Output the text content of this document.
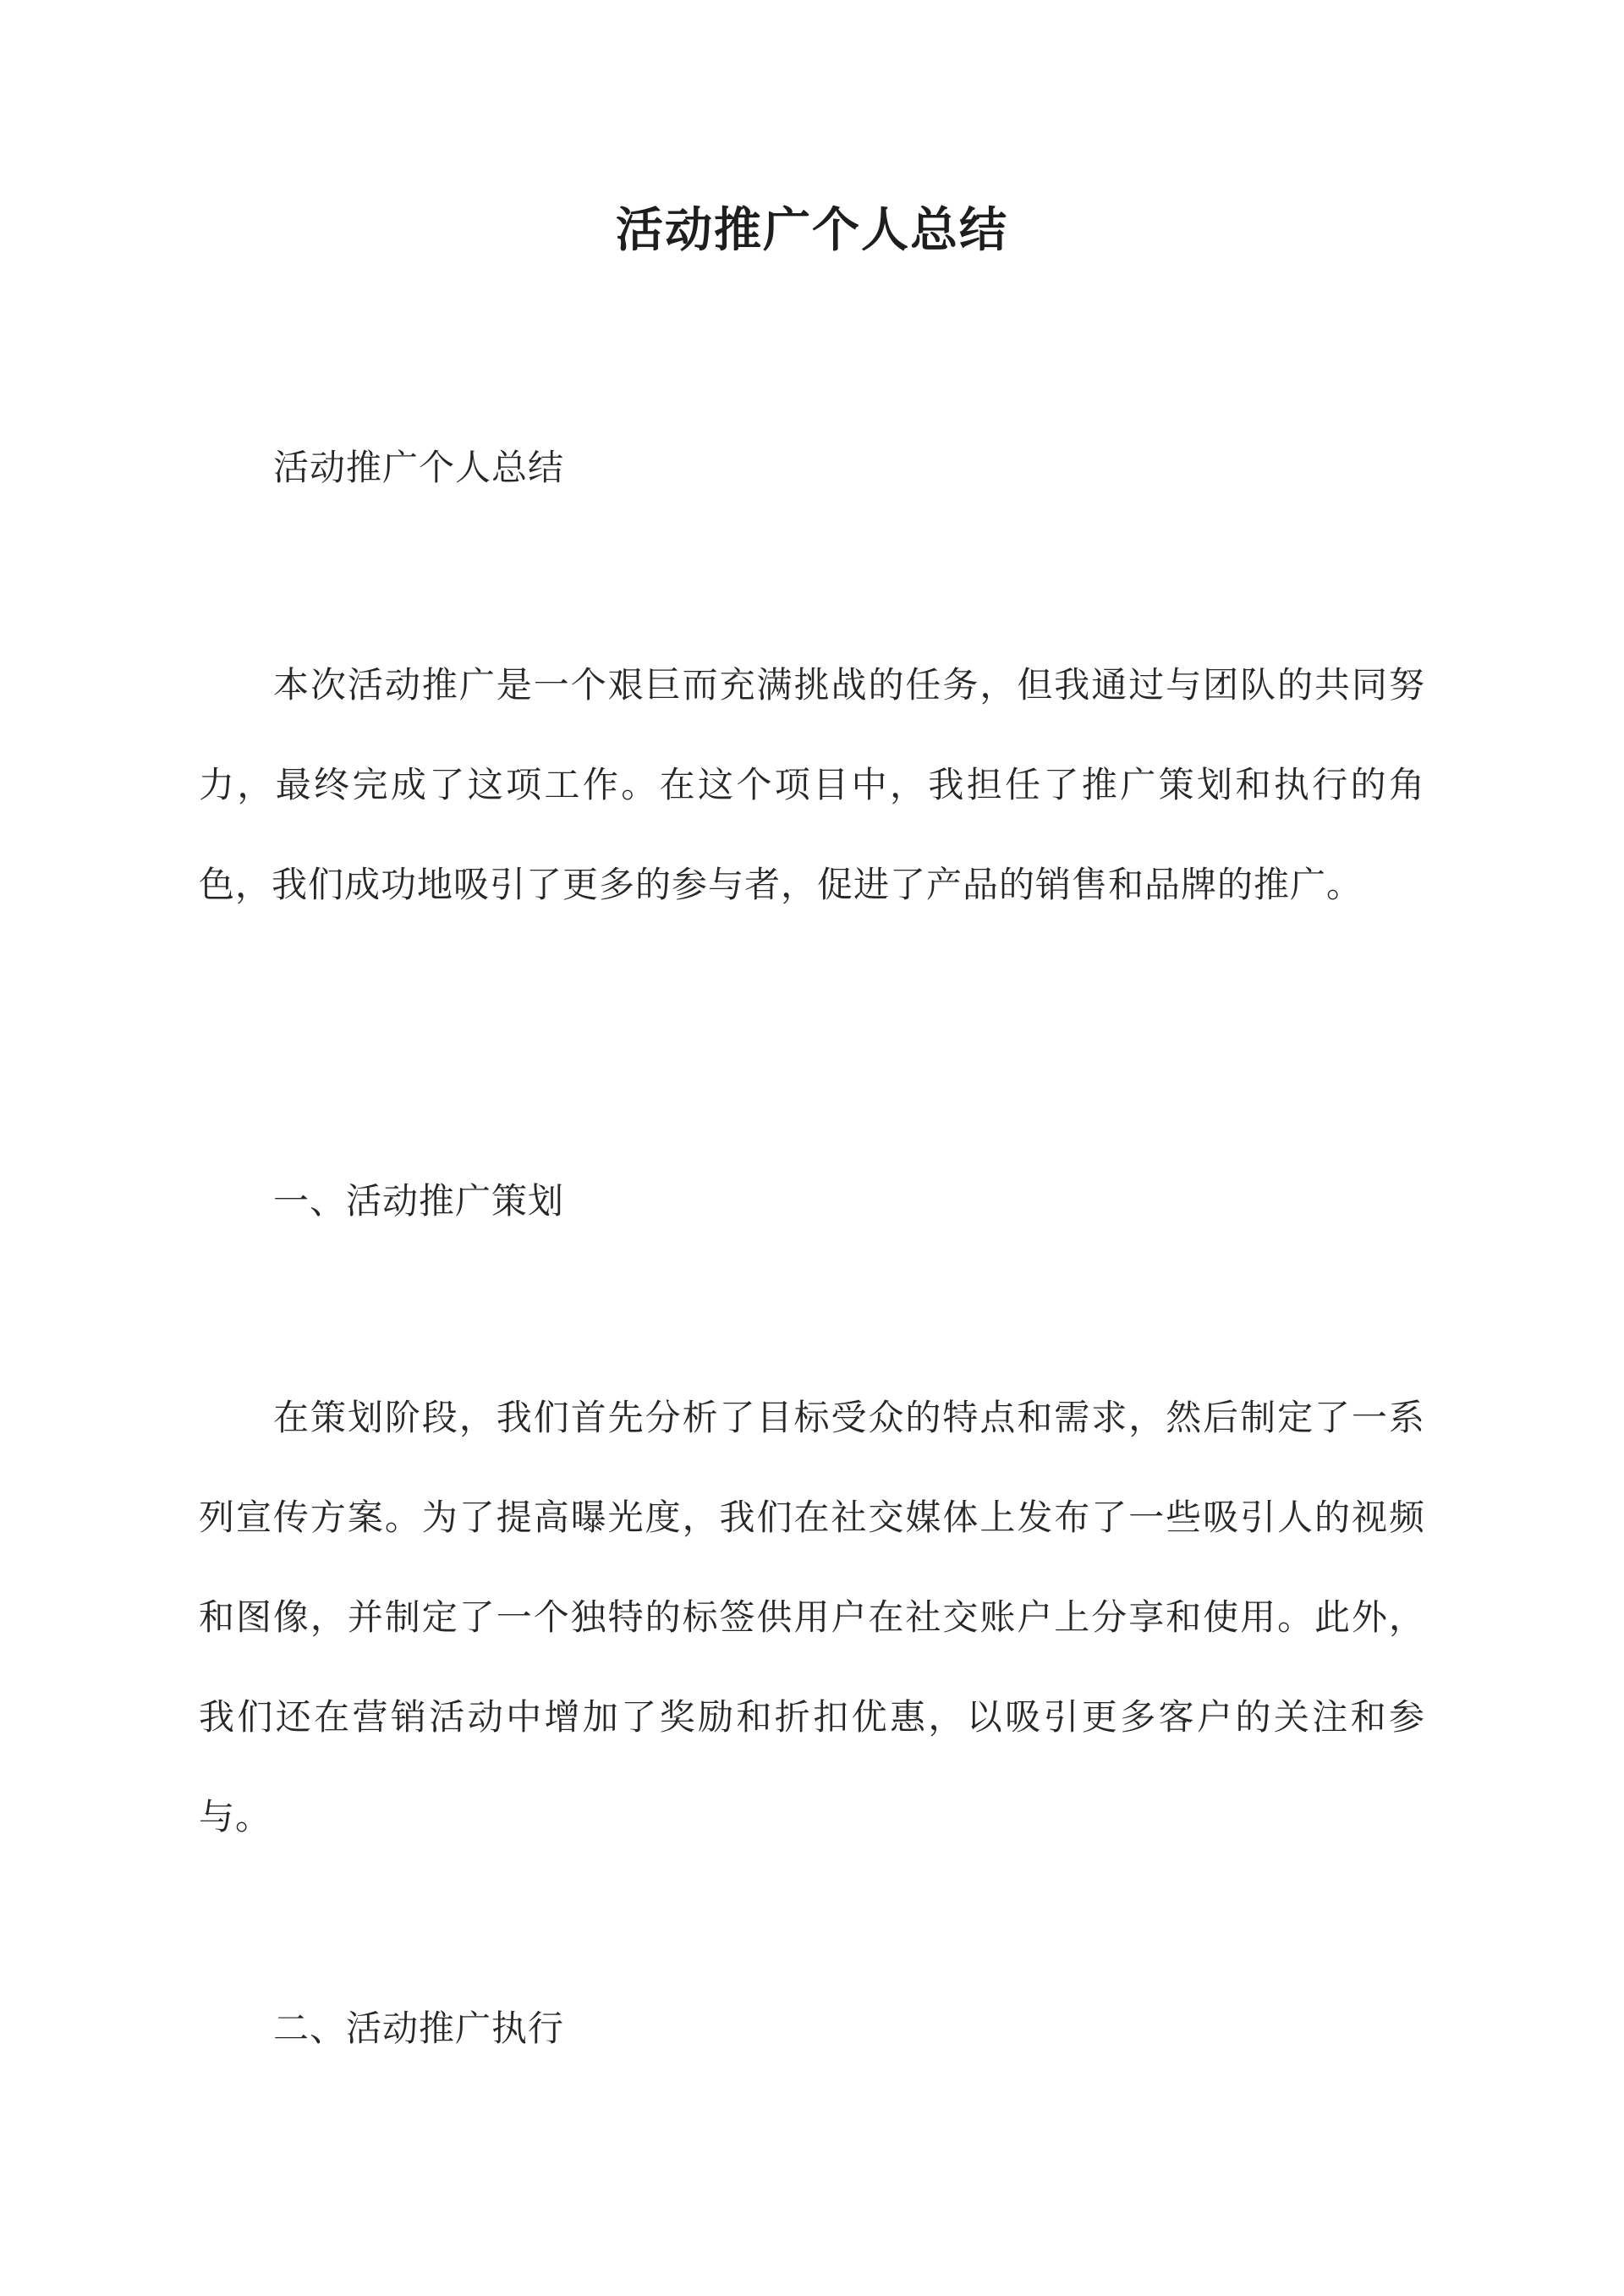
活动推广个人总结

活动推广个人总结

本次活动推广是一个艰巨而充满挑战的任务，但我通过与团队的共同努力，最终完成了这项工作。在这个项目中，我担任了推广策划和执行的角色，我们成功地吸引了更多的参与者，促进了产品的销售和品牌的推广。

一、活动推广策划

在策划阶段，我们首先分析了目标受众的特点和需求，然后制定了一系列宣传方案。为了提高曝光度，我们在社交媒体上发布了一些吸引人的视频和图像，并制定了一个独特的标签供用户在社交账户上分享和使用。此外，我们还在营销活动中增加了奖励和折扣优惠，以吸引更多客户的关注和参与。

二、活动推广执行
